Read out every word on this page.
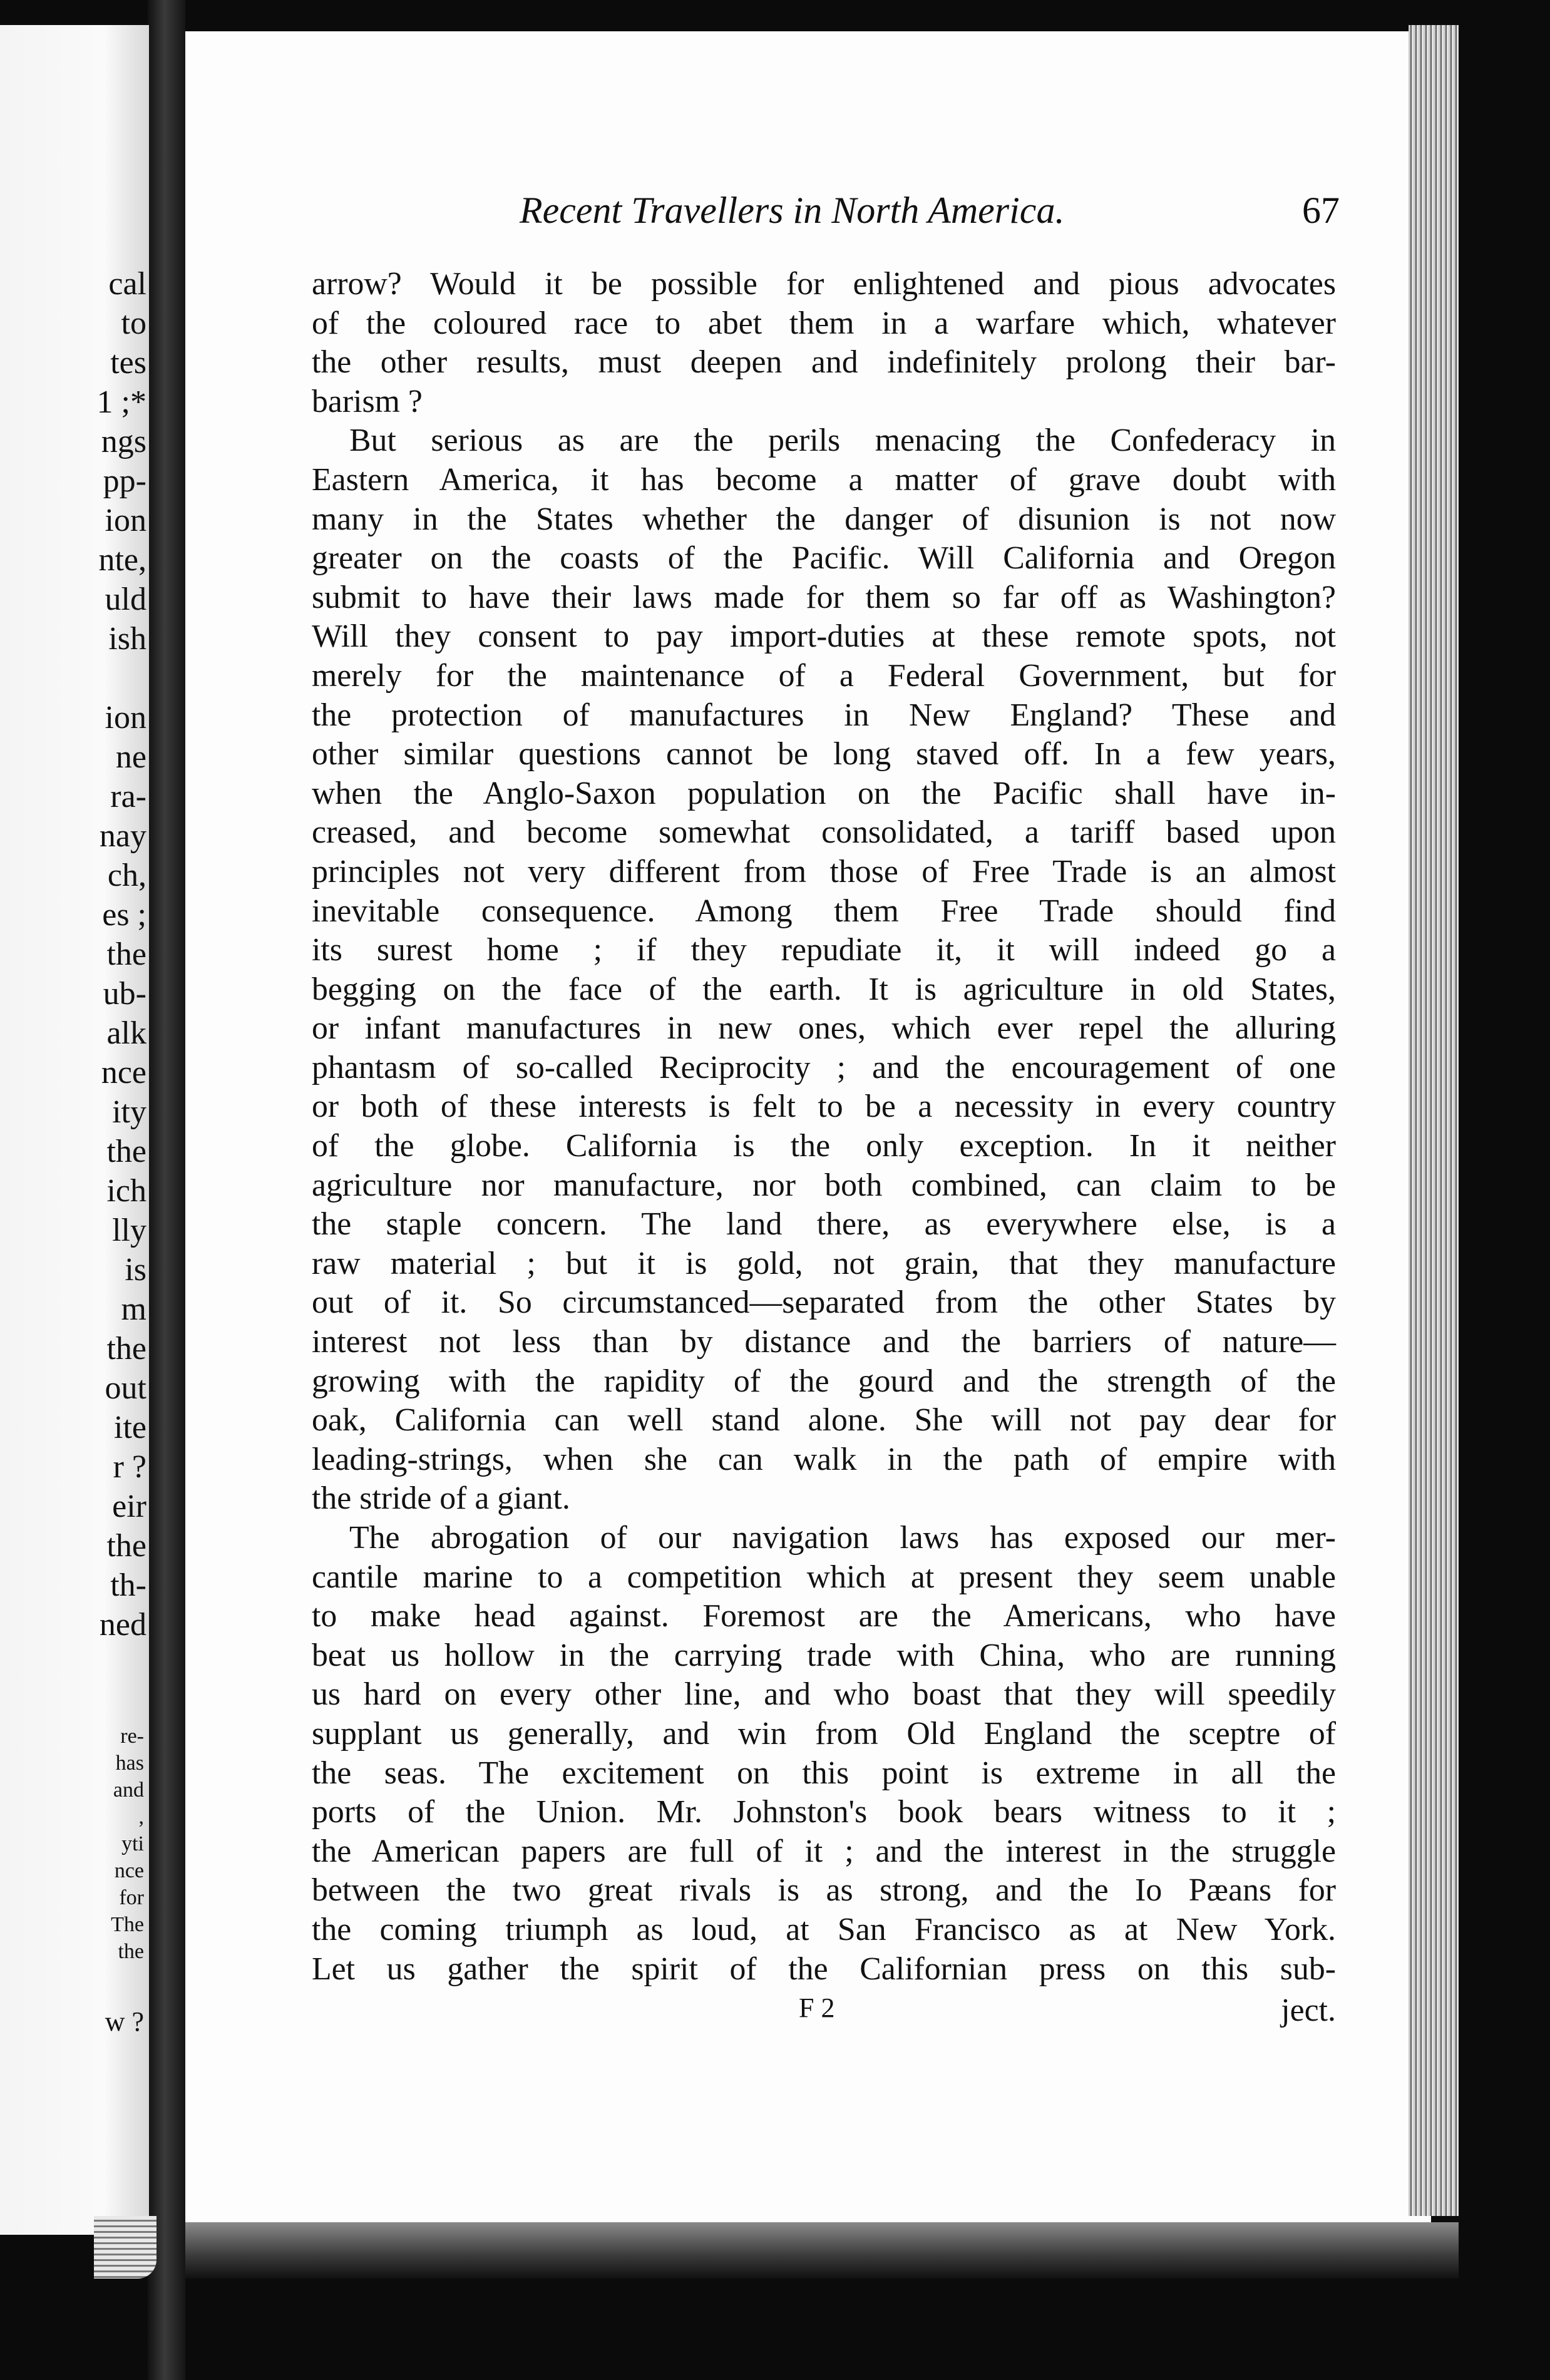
cal
to
tes
1 ;*
ngs
pp-
ion
nte,
uld
ish

ion
ne
ra-
nay
ch,
es ;
the
ub-
alk
nce
ity
the
ich
lly
is
m
the
out
ite
r ?
eir
the
th-
ned
re-
has
and
,
yti
nce
for
The
the
w ?
Recent Travellers in North America.	67
arrow? Would it be possible for enlightened and pious advocates
of the coloured race to abet them in a warfare which, whatever
the other results, must deepen and indefinitely prolong their bar-
barism ?
But serious as are the perils menacing the Confederacy in
Eastern America, it has become a matter of grave doubt with
many in the States whether the danger of disunion is not now
greater on the coasts of the Pacific. Will California and Oregon
submit to have their laws made for them so far off as Washington?
Will they consent to pay import-duties at these remote spots, not
merely for the maintenance of a Federal Government, but for
the protection of manufactures in New England? These and
other similar questions cannot be long staved off. In a few years,
when the Anglo-Saxon population on the Pacific shall have in-
creased, and become somewhat consolidated, a tariff based upon
principles not very different from those of Free Trade is an almost
inevitable consequence. Among them Free Trade should find
its surest home ; if they repudiate it, it will indeed go a
begging on the face of the earth. It is agriculture in old States,
or infant manufactures in new ones, which ever repel the alluring
phantasm of so-called Reciprocity ; and the encouragement of one
or both of these interests is felt to be a necessity in every country
of the globe. California is the only exception. In it neither
agriculture nor manufacture, nor both combined, can claim to be
the staple concern. The land there, as everywhere else, is a
raw material ; but it is gold, not grain, that they manufacture
out of it. So circumstanced—separated from the other States by
interest not less than by distance and the barriers of nature—
growing with the rapidity of the gourd and the strength of the
oak, California can well stand alone. She will not pay dear for
leading-strings, when she can walk in the path of empire with
the stride of a giant.
The abrogation of our navigation laws has exposed our mer-
cantile marine to a competition which at present they seem unable
to make head against. Foremost are the Americans, who have
beat us hollow in the carrying trade with China, who are running
us hard on every other line, and who boast that they will speedily
supplant us generally, and win from Old England the sceptre of
the seas. The excitement on this point is extreme in all the
ports of the Union. Mr. Johnston's book bears witness to it ;
the American papers are full of it ; and the interest in the struggle
between the two great rivals is as strong, and the Io Pæans for
the coming triumph as loud, at San Francisco as at New York.
Let us gather the spirit of the Californian press on this sub-
F 2	ject.
